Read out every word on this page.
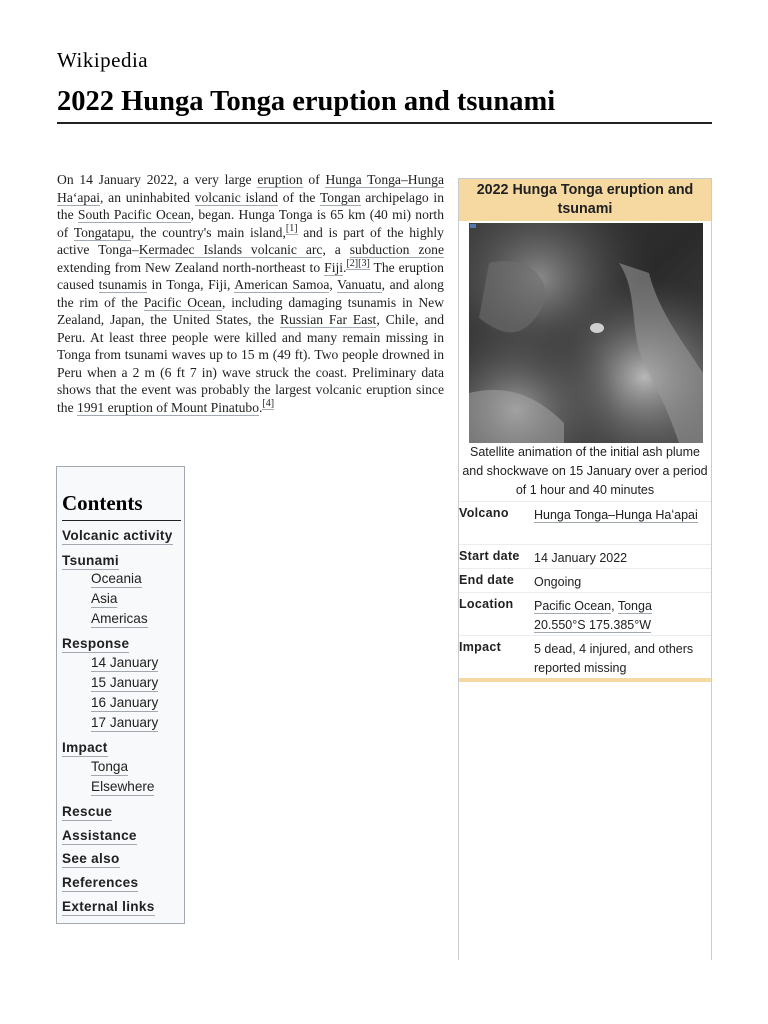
Wikipedia
2022 Hunga Tonga eruption and tsunami

On 14 January 2022, a very large eruption of Hunga Tonga–Hunga Haʻapai, an uninhabited volcanic island of the Tongan archipelago in the South Pacific Ocean, began. Hunga Tonga is 65 km (40 mi) north of Tongatapu, the country's main island,[1] and is part of the highly active Tonga–Kermadec Islands volcanic arc, a subduction zone extending from New Zealand north-northeast to Fiji.[2][3] The eruption caused tsunamis in Tonga, Fiji, American Samoa, Vanuatu, and along the rim of the Pacific Ocean, including damaging tsunamis in New Zealand, Japan, the United States, the Russian Far East, Chile, and Peru. At least three people were killed and many remain missing in Tonga from tsunami waves up to 15 m (49 ft). Two people drowned in Peru when a 2 m (6 ft 7 in) wave struck the coast. Preliminary data shows that the event was probably the largest volcanic eruption since the 1991 eruption of Mount Pinatubo.[4]

Contents
Volcanic activity
Tsunami
Oceania
Asia
Americas
Response
14 January
15 January
16 January
17 January
Impact
Tonga
Elsewhere
Rescue
Assistance
See also
References
External links
2022 Hunga Tonga eruption and tsunami
Satellite animation of the initial ash plume and shockwave on 15 January over a period of 1 hour and 40 minutes
Volcano Hunga Tonga–Hunga Haʻapai
Start date 14 January 2022
End date Ongoing
Location Pacific Ocean, Tonga
20.550°S 175.385°W
Impact	5 dead, 4 injured, and others reported missing
